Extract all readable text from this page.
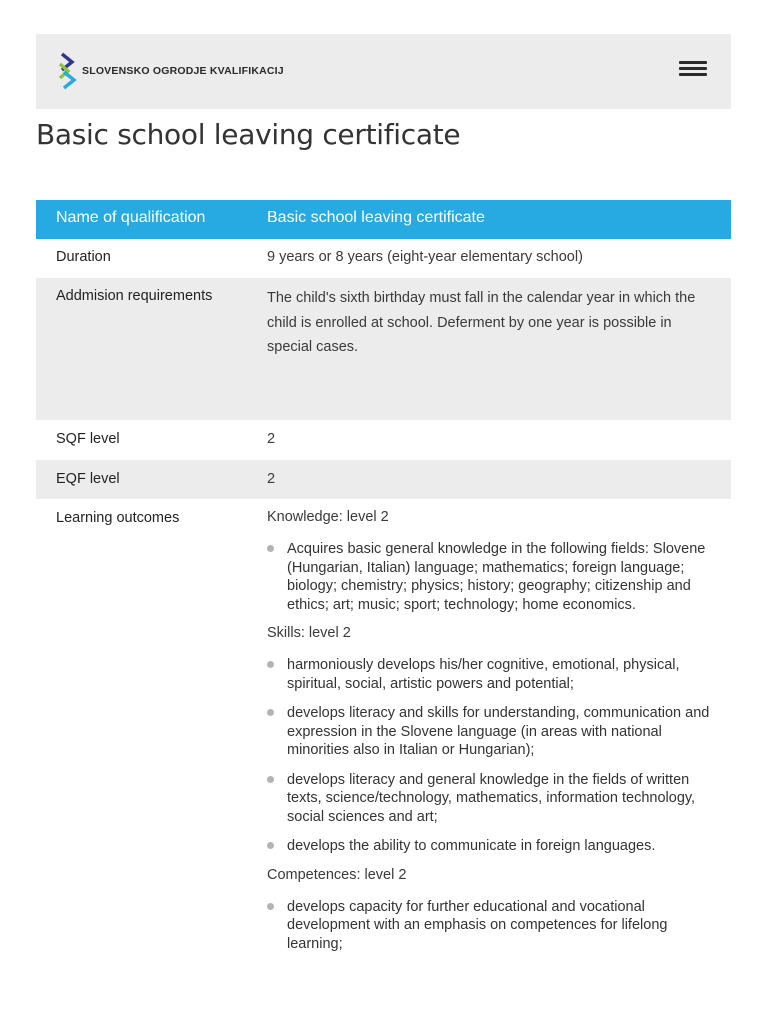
SLOVENSKO OGRODJE KVALIFIKACIJ
Basic school leaving certificate
Name of qualification	Basic school leaving certificate
Duration	9 years or 8 years (eight-year elementary school)
Addmision requirements	The child's sixth birthday must fall in the calendar year in which the child is enrolled at school. Deferment by one year is possible in special cases.
SQF level	2
EQF level	2
Learning outcomes	Knowledge: level 2
Acquires basic general knowledge in the following fields: Slovene (Hungarian, Italian) language; mathematics; foreign language; biology; chemistry; physics; history; geography; citizenship and ethics; art; music; sport; technology; home economics.
Skills: level 2
harmoniously develops his/her cognitive, emotional, physical, spiritual, social, artistic powers and potential;
develops literacy and skills for understanding, communication and expression in the Slovene language (in areas with national minorities also in Italian or Hungarian);
develops literacy and general knowledge in the fields of written texts, science/technology, mathematics, information technology, social sciences and art;
develops the ability to communicate in foreign languages.
Competences: level 2
develops capacity for further educational and vocational development with an emphasis on competences for lifelong learning;
